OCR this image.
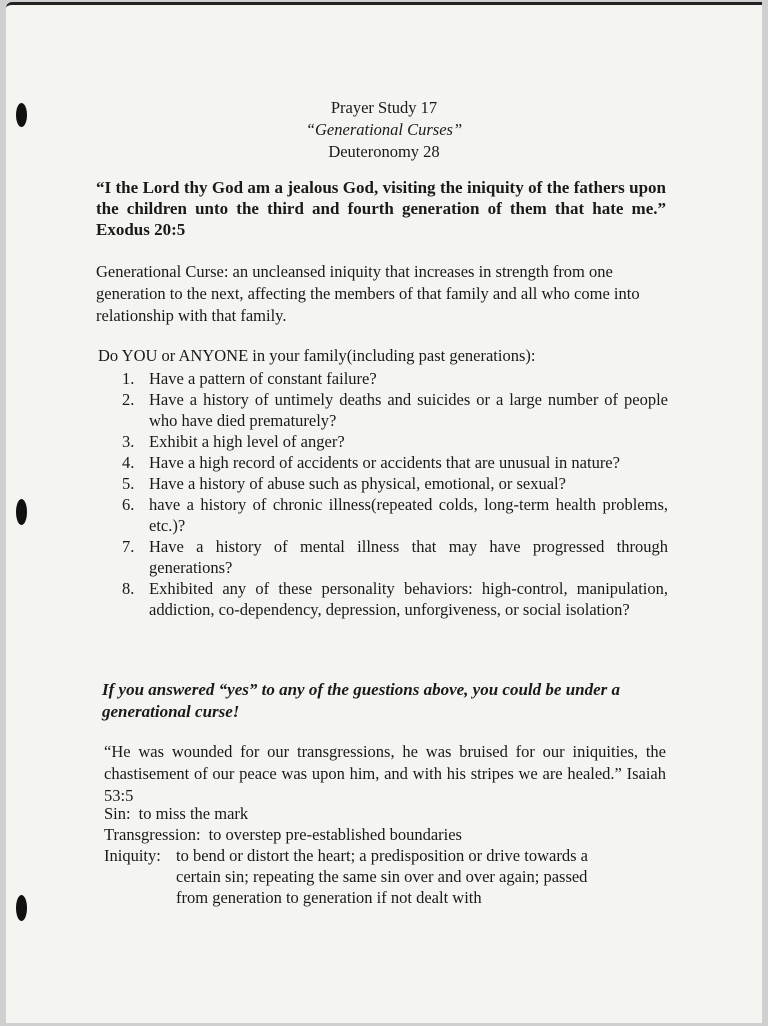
Prayer Study 17
“Generational Curses”
Deuteronomy 28
“I the Lord thy God am a jealous God, visiting the iniquity of the fathers upon the children unto the third and fourth generation of them that hate me.” Exodus 20:5
Generational Curse: an uncleansed iniquity that increases in strength from one generation to the next, affecting the members of that family and all who come into relationship with that family.
Do YOU or ANYONE in your family(including past generations):
1. Have a pattern of constant failure?
2. Have a history of untimely deaths and suicides or a large number of people who have died prematurely?
3. Exhibit a high level of anger?
4. Have a high record of accidents or accidents that are unusual in nature?
5. Have a history of abuse such as physical, emotional, or sexual?
6. have a history of chronic illness(repeated colds, long-term health problems, etc.)?
7. Have a history of mental illness that may have progressed through generations?
8. Exhibited any of these personality behaviors: high-control, manipulation, addiction, co-dependency, depression, unforgiveness, or social isolation?
If you answered “yes” to any of the guestions above, you could be under a generational curse!
“He was wounded for our transgressions, he was bruised for our iniquities, the chastisement of our peace was upon him, and with his stripes we are healed.” Isaiah 53:5
Sin: to miss the mark
Transgression: to overstep pre-established boundaries
Iniquity: to bend or distort the heart; a predisposition or drive towards a
certain sin; repeating the same sin over and over again; passed
from generation to generation if not dealt with
